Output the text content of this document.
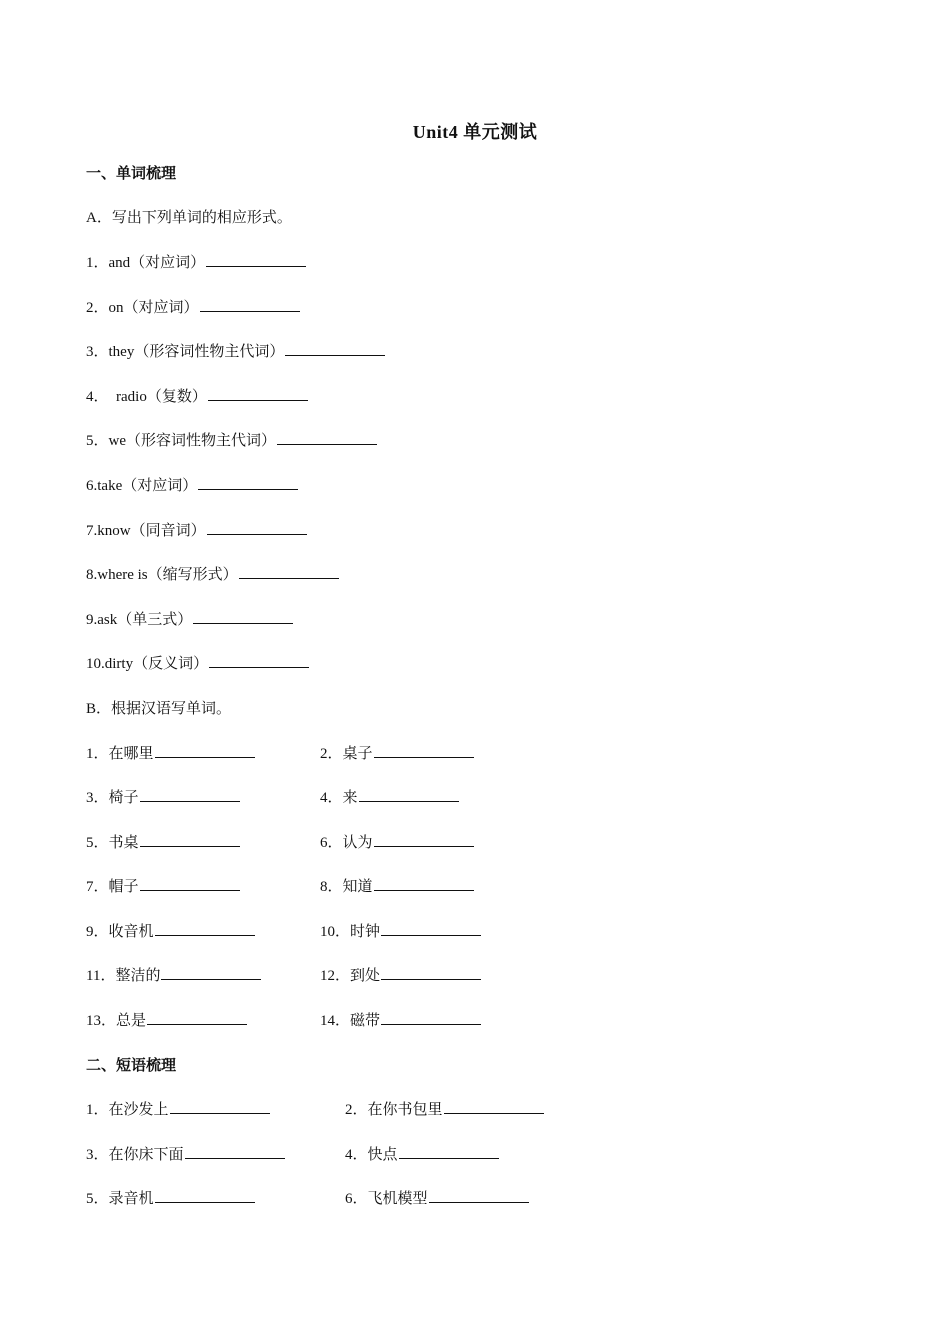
Unit4 单元测试
一、单词梳理
A．写出下列单词的相应形式。
1．and（对应词）
2．on（对应词）
3．they（形容词性物主代词）
4．  radio（复数）
5．we（形容词性物主代词）
6.take（对应词）
7.know（同音词）
8.where is（缩写形式）
9.ask（单三式）
10.dirty（反义词）
B．根据汉语写单词。
1．在哪里	2．桌子
3．椅子	4．来
5．书桌	6．认为
7．帽子	8．知道
9．收音机	10．时钟
11．整洁的	12．到处
13．总是	14．磁带
二、短语梳理
1．在沙发上	2．在你书包里
3．在你床下面	4．快点
5．录音机	6．飞机模型
